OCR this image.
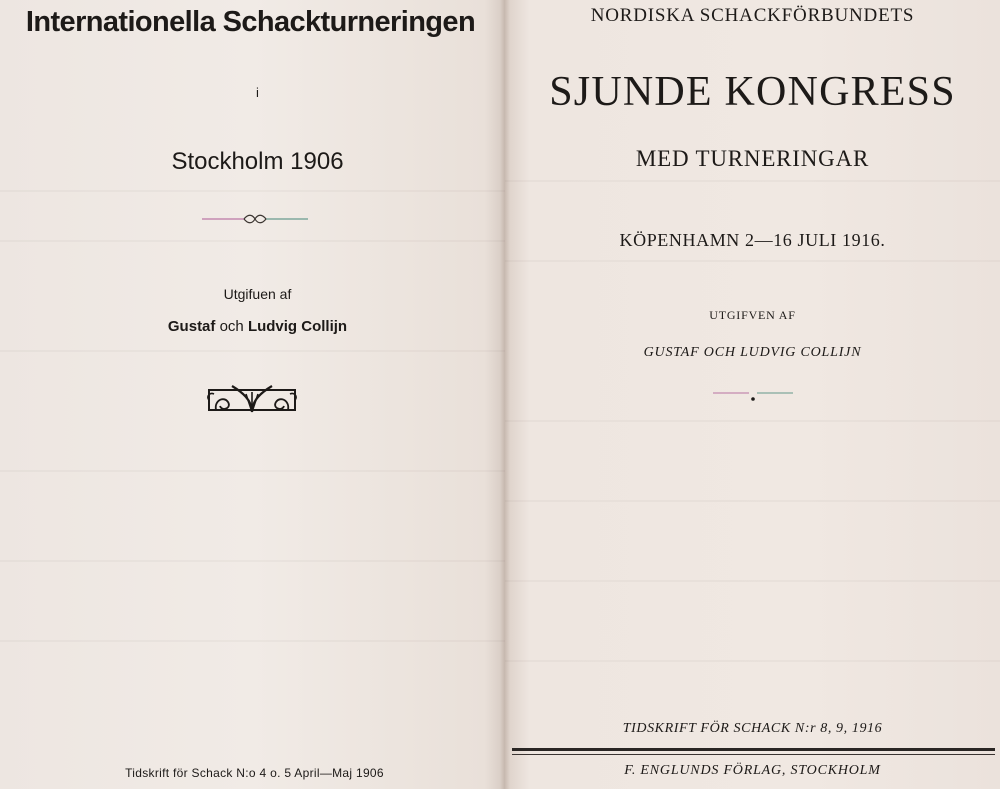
Internationella Schackturneringen
i
Stockholm 1906
Utgifuen af
Gustaf och Ludvig Collijn
Tidskrift för Schack N:o 4 o. 5 April—Maj 1906
NORDISKA SCHACKFÖRBUNDETS
SJUNDE KONGRESS
MED TURNERINGAR
KÖPENHAMN 2—16 JULI 1916.
UTGIFVEN AF
GUSTAF OCH LUDVIG COLLIJN
TIDSKRIFT FÖR SCHACK N:r 8, 9, 1916
F. ENGLUNDS FÖRLAG, STOCKHOLM
